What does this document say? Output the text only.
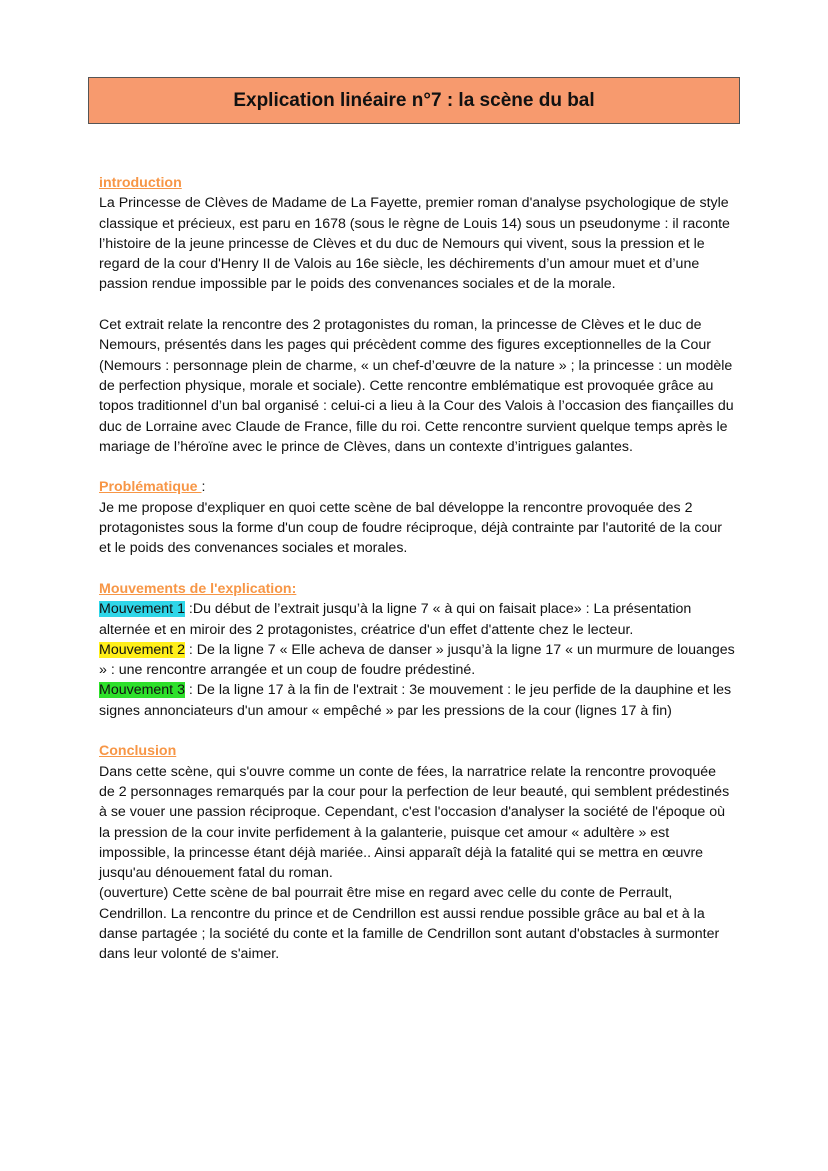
Explication linéaire n°7 : la scène du bal
introduction

La Princesse de Clèves de Madame de La Fayette, premier roman d'analyse psychologique de style classique et précieux, est paru en 1678 (sous le règne de Louis 14) sous un pseudonyme : il raconte l’histoire de la jeune princesse de Clèves et du duc de Nemours qui vivent, sous la pression et le regard de la cour d'Henry II de Valois au 16e siècle, les déchirements d’un amour muet et d’une passion rendue impossible par le poids des convenances sociales et de la morale.

Cet extrait relate la rencontre des 2 protagonistes du roman, la princesse de Clèves et le duc de Nemours, présentés dans les pages qui précèdent comme des figures exceptionnelles de la Cour (Nemours : personnage plein de charme, « un chef-d’œuvre de la nature » ; la princesse : un modèle de perfection physique, morale et sociale). Cette rencontre emblématique est provoquée grâce au topos traditionnel d’un bal organisé : celui-ci a lieu à la Cour des Valois à l’occasion des fiançailles du duc de Lorraine avec Claude de France, fille du roi. Cette rencontre survient quelque temps après le mariage de l’héroïne avec le prince de Clèves, dans un contexte d’intrigues galantes.

Problématique :

Je me propose d'expliquer en quoi cette scène de bal développe la rencontre provoquée des 2 protagonistes sous la forme d'un coup de foudre réciproque, déjà contrainte par l'autorité de la cour et le poids des convenances sociales et morales.

Mouvements de l'explication:

Mouvement 1 :Du début de l’extrait jusqu’à la ligne 7 « à qui on faisait place» : La présentation alternée et en miroir des 2 protagonistes, créatrice d'un effet d'attente chez le lecteur.

Mouvement 2 : De la ligne 7 « Elle acheva de danser » jusqu’à la ligne 17 « un murmure de louanges » : une rencontre arrangée et un coup de foudre prédestiné.

Mouvement 3 : De la ligne 17 à la fin de l'extrait : 3e mouvement : le jeu perfide de la dauphine et les signes annonciateurs d'un amour « empêché » par les pressions de la cour (lignes 17 à fin)

Conclusion

Dans cette scène, qui s'ouvre comme un conte de fées, la narratrice relate la rencontre provoquée de 2 personnages remarqués par la cour pour la perfection de leur beauté, qui semblent prédestinés à se vouer une passion réciproque. Cependant, c'est l'occasion d'analyser la société de l'époque où la pression de la cour invite perfidement à la galanterie, puisque cet amour « adultère » est impossible, la princesse étant déjà mariée.. Ainsi apparaît déjà la fatalité qui se mettra en œuvre jusqu'au dénouement fatal du roman.

(ouverture) Cette scène de bal pourrait être mise en regard avec celle du conte de Perrault, Cendrillon. La rencontre du prince et de Cendrillon est aussi rendue possible grâce au bal et à la danse partagée ; la société du conte et la famille de Cendrillon sont autant d'obstacles à surmonter dans leur volonté de s'aimer.
